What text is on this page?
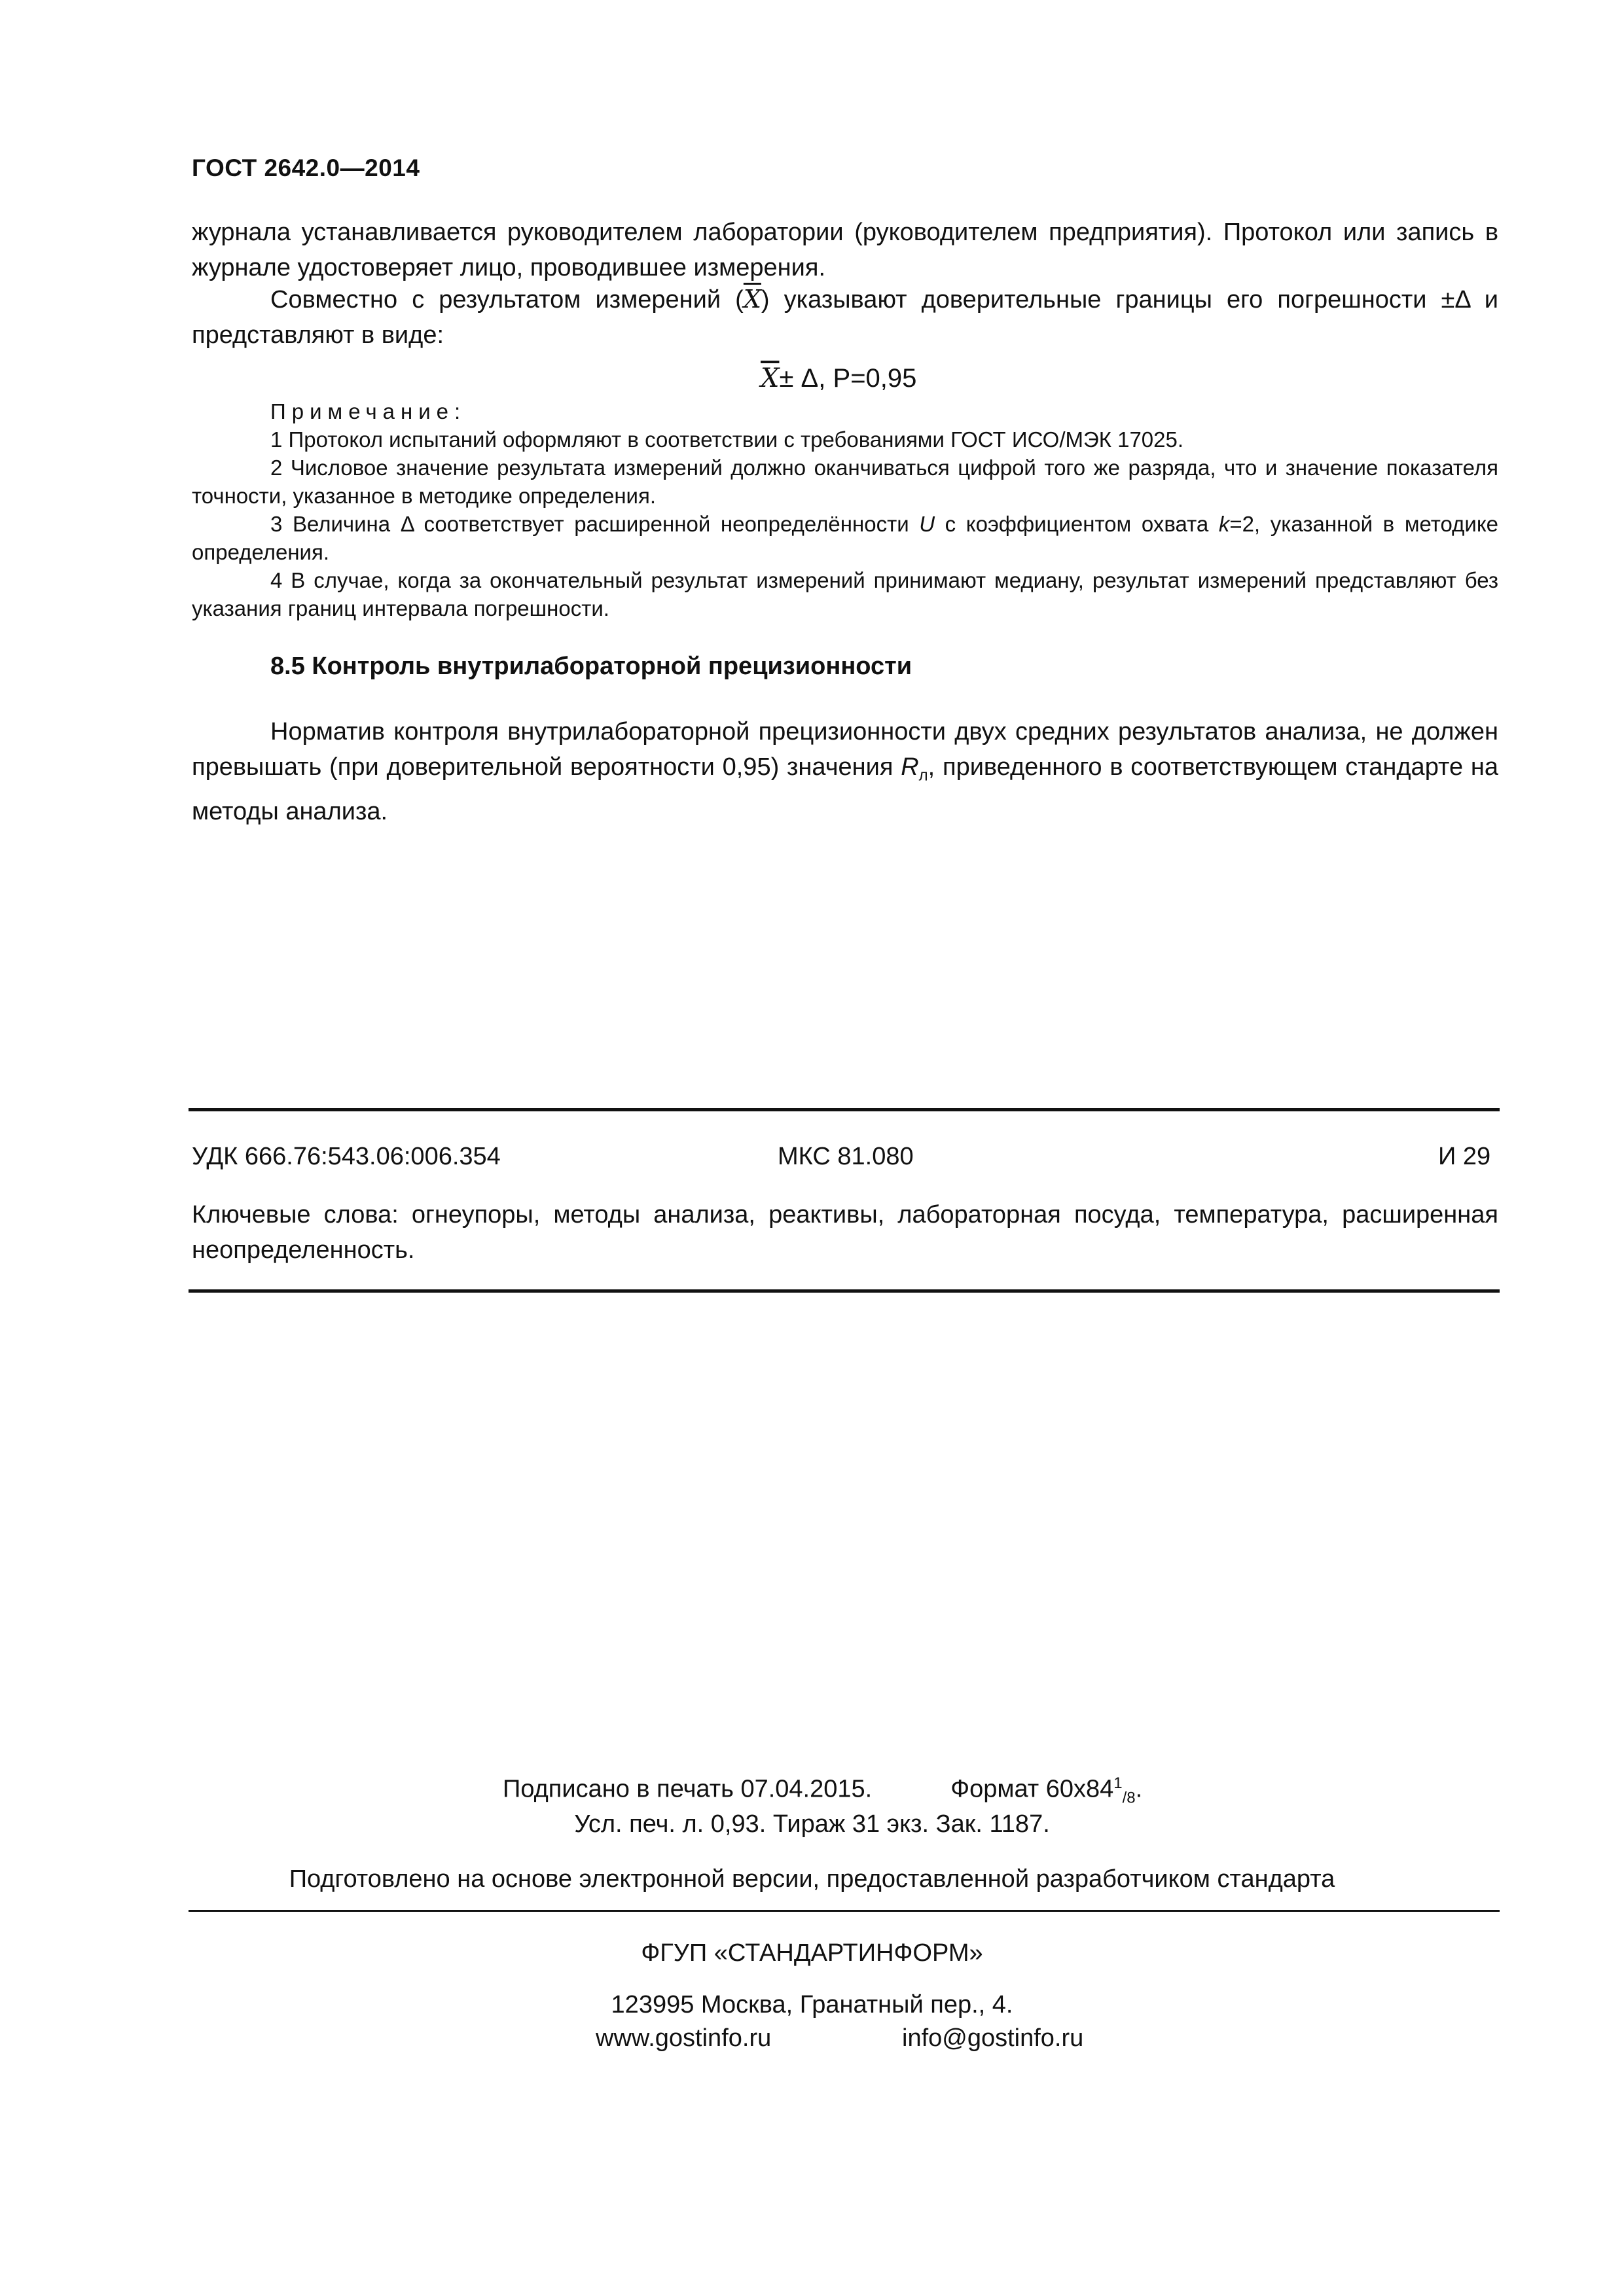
ГОСТ 2642.0—2014
журнала устанавливается руководителем лаборатории (руководителем предприятия). Протокол или запись в журнале удостоверяет лицо, проводившее измерения.
Совместно с результатом измерений $(\overline{X})$ указывают доверительные границы его погрешности ±Δ и представляют в виде:
$\overline{X}\pm \Delta$, P=0,95
Примечание:
1 Протокол испытаний оформляют в соответствии с требованиями ГОСТ ИСО/МЭК 17025.
2 Числовое значение результата измерений должно оканчиваться цифрой того же разряда, что и значение показателя точности, указанное в методике определения.
3 Величина Δ соответствует расширенной неопределённости U с коэффициентом охвата k=2, указанной в методике определения.
4 В случае, когда за окончательный результат измерений принимают медиану, результат измерений представляют без указания границ интервала погрешности.
8.5 Контроль внутрилабораторной прецизионности
Норматив контроля внутрилабораторной прецизионности двух средних результатов анализа, не должен превышать (при доверительной вероятности 0,95) значения $R_л$, приведенного в соответствующем стандарте на методы анализа.
УДК 666.76:543.06:006.354	МКС 81.080	И 29
Ключевые слова: огнеупоры, методы анализа, реактивы, лабораторная посуда, температура, расширенная неопределенность.
Подписано в печать 07.04.2015.	Формат $60x84^1_{/8}$.
Усл. печ. л. 0,93. Тираж 31 экз. Зак. 1187.
Подготовлено на основе электронной версии, предоставленной разработчиком стандарта
ФГУП «СТАНДАРТИНФОРМ»
123995 Москва, Гранатный пер., 4.
www.gostinfo.ru	info@gostinfo.ru
